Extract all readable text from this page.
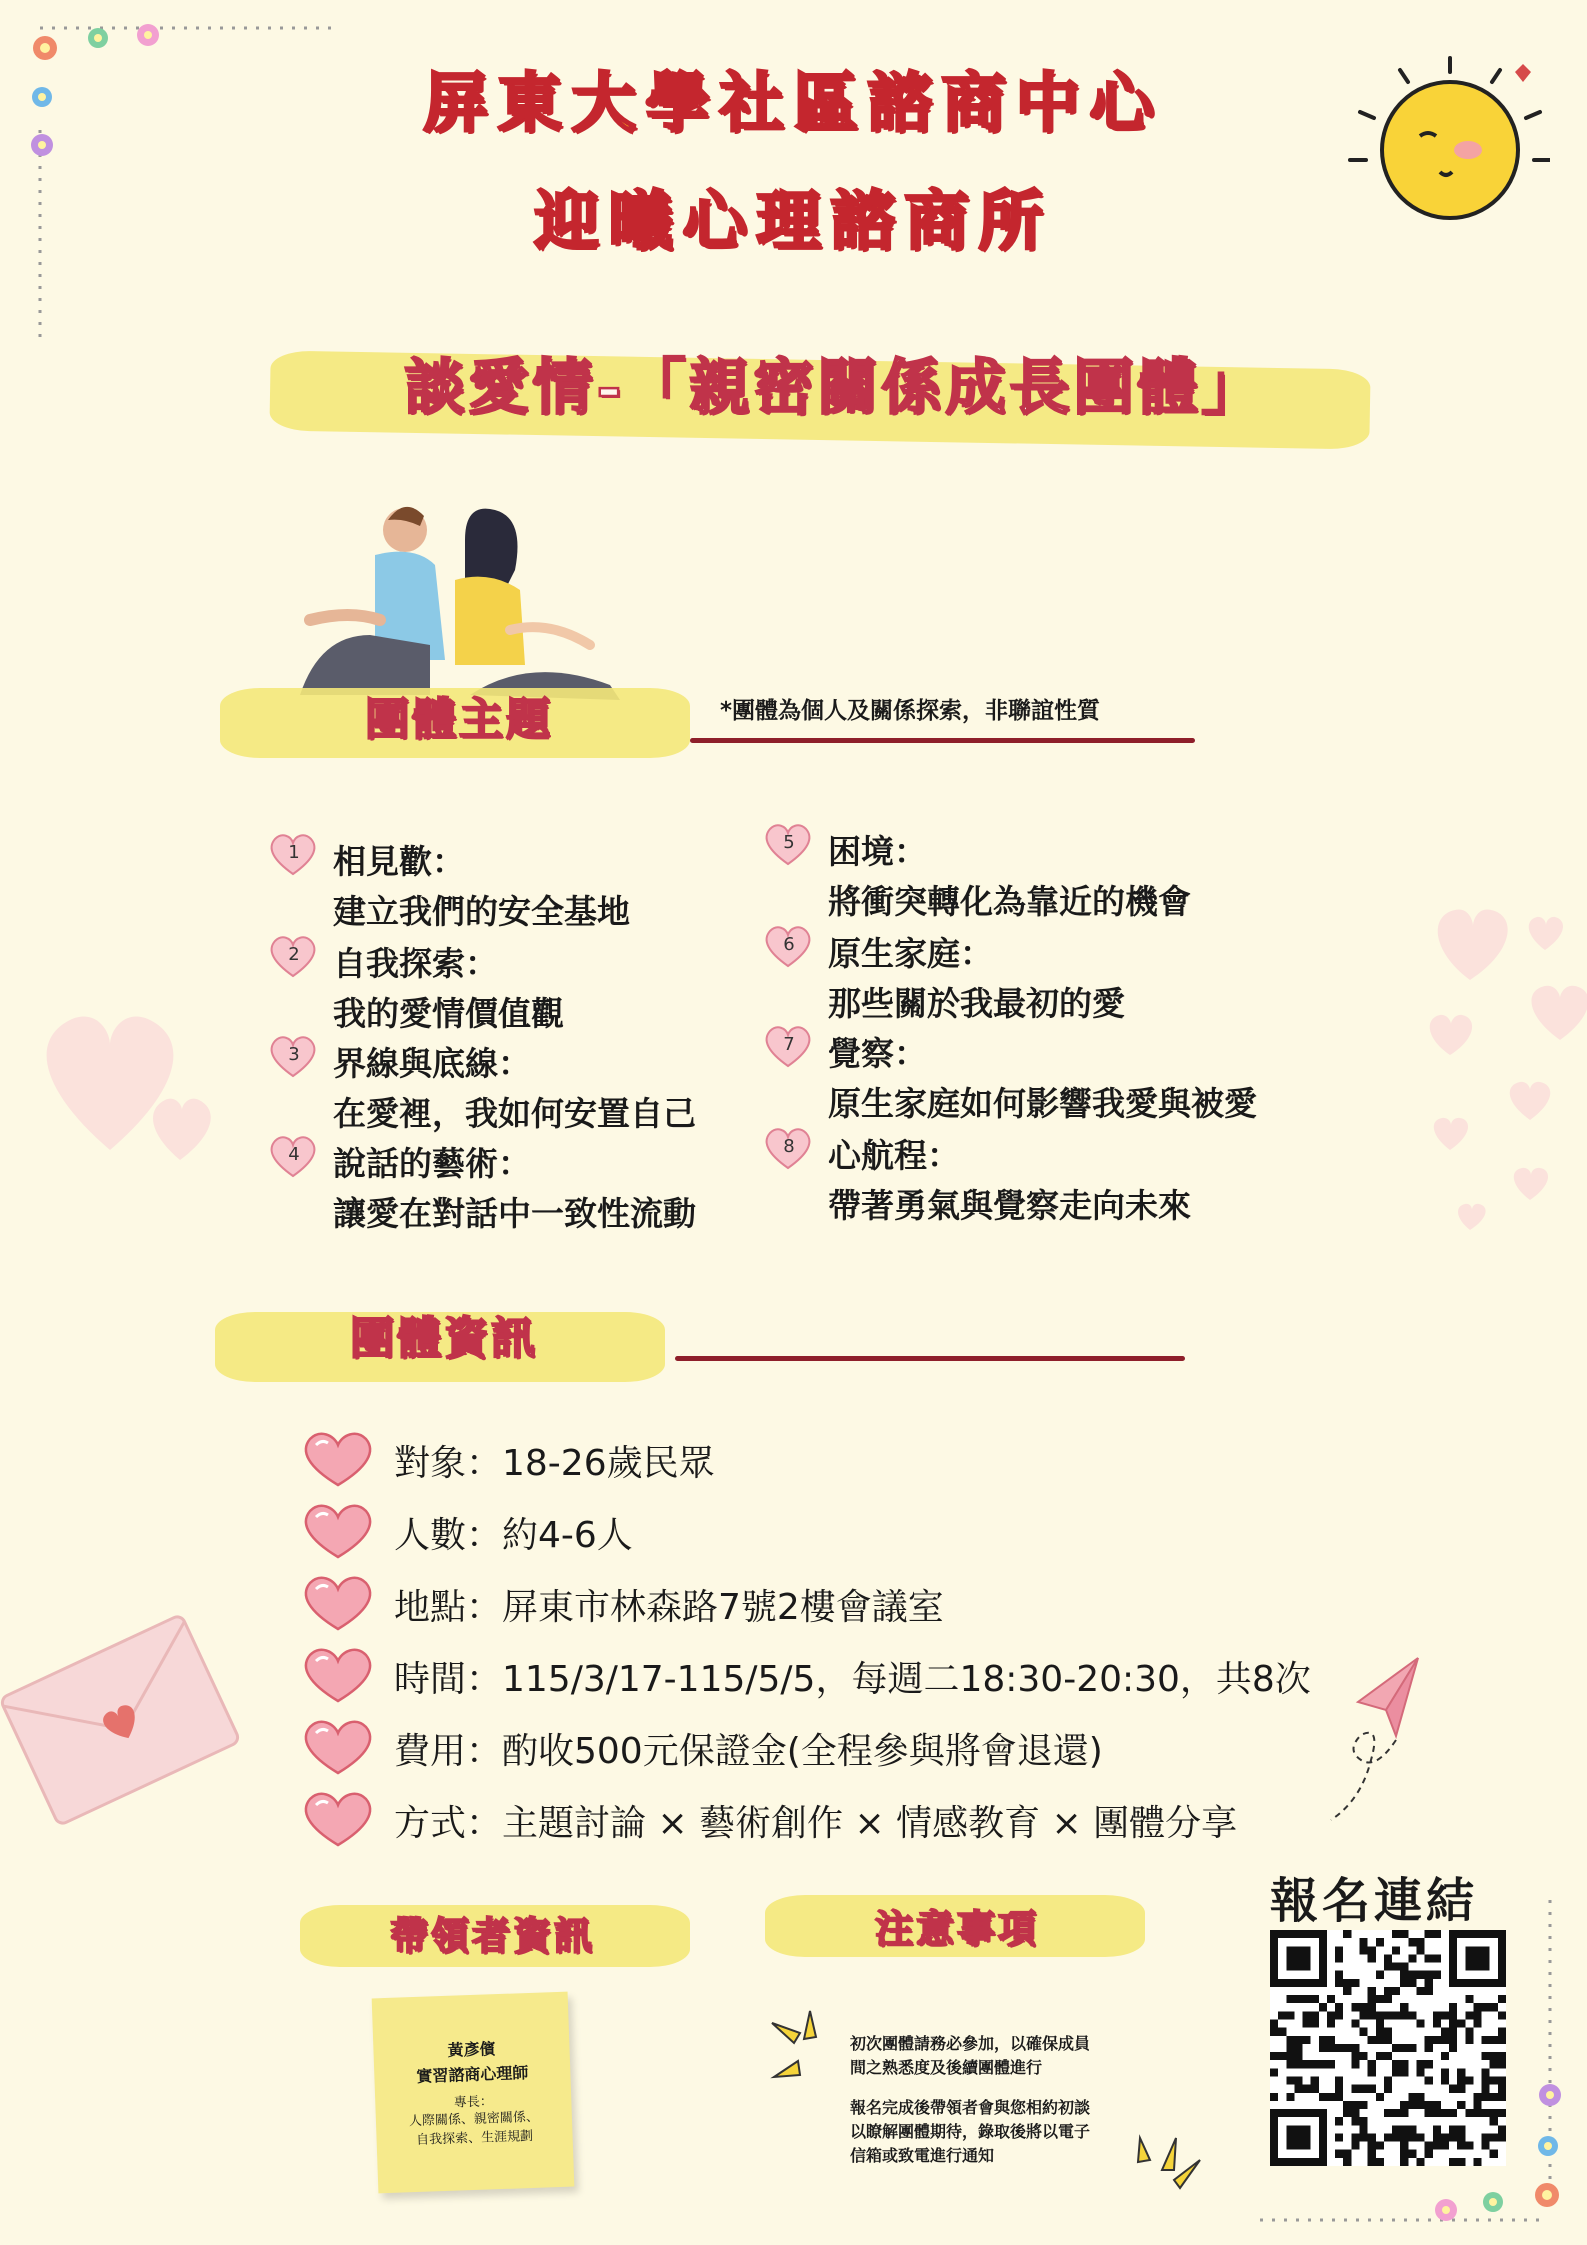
屏東大學社區諮商中心
迎曦心理諮商所
談愛情-「親密關係成長團體」
團體主題	*團體為個人及關係探索，非聯誼性質
1 相見歡：
建立我們的安全基地
2 自我探索：
我的愛情價值觀
3 界線與底線：
在愛裡，我如何安置自己
4 說話的藝術：
讓愛在對話中一致性流動
5 困境：
將衝突轉化為靠近的機會
6 原生家庭：
那些關於我最初的愛
7 覺察：
原生家庭如何影響我愛與被愛
8 心航程：
帶著勇氣與覺察走向未來
團體資訊
對象：18-26歲民眾
人數：約4-6人
地點：屏東市林森路7號2樓會議室
時間：115/3/17-115/5/5，每週二18:30-20:30，共8次
費用：酌收500元保證金(全程參與將會退還)
方式：主題討論 × 藝術創作 × 情感教育 × 團體分享
報名連結
帶領者資訊
黃彥儐
實習諮商心理師
專長：
人際關係、親密關係、
自我探索、生涯規劃
注意事項
初次團體請務必參加，以確保成員
間之熟悉度及後續團體進行
報名完成後帶領者會與您相約初談
以瞭解團體期待，錄取後將以電子
信箱或致電進行通知
